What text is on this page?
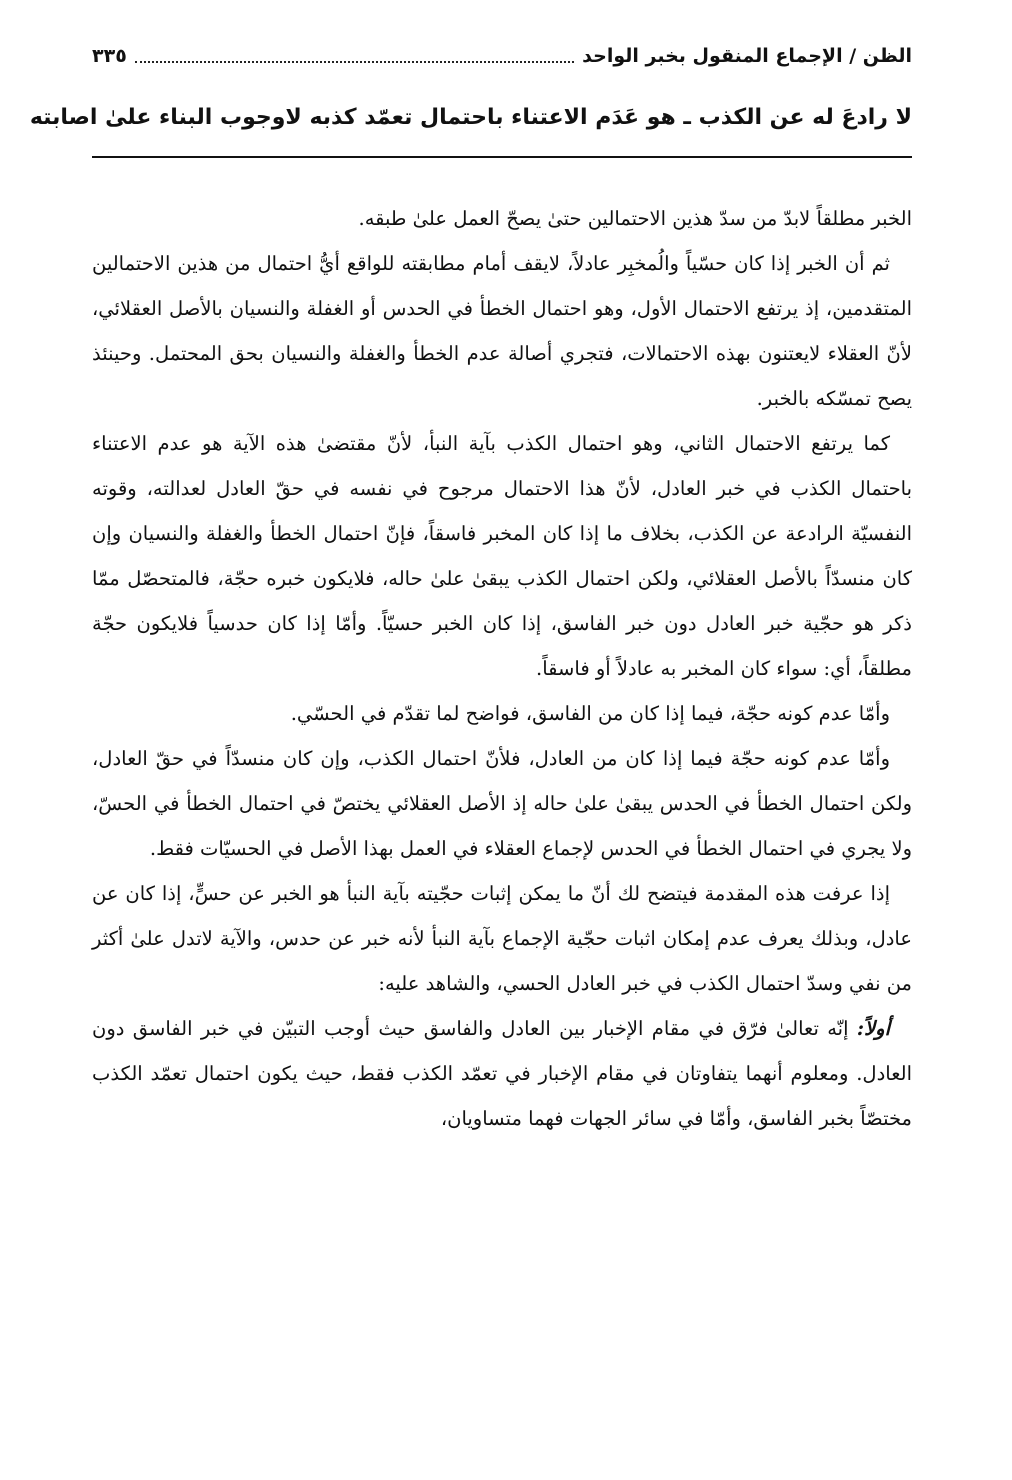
الظن / الإجماع المنقول بخبر الواحد
٣٣٥
لا رادعَ له عن الكذب ـ هو عَدَم الاعتناء باحتمال تعمّد كذبه لاوجوب البناء علىٰ اصابته

الخبر مطلقاً لابدّ من سدّ هذين الاحتمالين حتىٰ يصحّ العمل علىٰ طبقه.

ثم أن الخبر إذا كان حسّياً والُمخبِر عادلاً، لايقف أمام مطابقته للواقع أيُّ احتمال من هذين الاحتمالين المتقدمين، إذ يرتفع الاحتمال الأول، وهو احتمال الخطأ في الحدس أو الغفلة والنسيان بالأصل العقلائي، لأنّ العقلاء لايعتنون بهذه الاحتمالات، فتجري أصالة عدم الخطأ والغفلة والنسيان بحق المحتمل. وحينئذ يصح تمسّكه بالخبر.

كما يرتفع الاحتمال الثاني، وهو احتمال الكذب بآية النبأ، لأنّ مقتضىٰ هذه الآية هو عدم الاعتناء باحتمال الكذب في خبر العادل، لأنّ هذا الاحتمال مرجوح في نفسه في حقّ العادل لعدالته، وقوته النفسيّة الرادعة عن الكذب، بخلاف ما إذا كان المخبر فاسقاً، فإنّ احتمال الخطأ والغفلة والنسيان وإن كان منسدّاً بالأصل العقلائي، ولكن احتمال الكذب يبقىٰ علىٰ حاله، فلايكون خبره حجّة، فالمتحصّل ممّا ذكر هو حجّية خبر العادل دون خبر الفاسق، إذا كان الخبر حسيّاً. وأمّا إذا كان حدسياً فلايكون حجّة مطلقاً، أي: سواء كان المخبر به عادلاً أو فاسقاً.

وأمّا عدم كونه حجّة، فيما إذا كان من الفاسق، فواضح لما تقدّم في الحسّي.

وأمّا عدم كونه حجّة فيما إذا كان من العادل، فلأنّ احتمال الكذب، وإن كان منسدّاً في حقّ العادل، ولكن احتمال الخطأ في الحدس يبقىٰ علىٰ حاله إذ الأصل العقلائي يختصّ في احتمال الخطأ في الحسّ، ولا يجري في احتمال الخطأ في الحدس لإجماع العقلاء في العمل بهذا الأصل في الحسيّات فقط.

إذا عرفت هذه المقدمة فيتضح لك أنّ ما يمكن إثبات حجّيته بآية النبأ هو الخبر عن حسٍّ، إذا كان عن عادل، وبذلك يعرف عدم إمكان اثبات حجّية الإجماع بآية النبأ لأنه خبر عن حدس، والآية لاتدل علىٰ أكثر من نفي وسدّ احتمال الكذب في خبر العادل الحسي، والشاهد عليه:

أولاً: إنّه تعالىٰ فرّق في مقام الإخبار بين العادل والفاسق حيث أوجب التبيّن في خبر الفاسق دون العادل. ومعلوم أنهما يتفاوتان في مقام الإخبار في تعمّد الكذب فقط، حيث يكون احتمال تعمّد الكذب مختصّاً بخبر الفاسق، وأمّا في سائر الجهات فهما متساويان،
